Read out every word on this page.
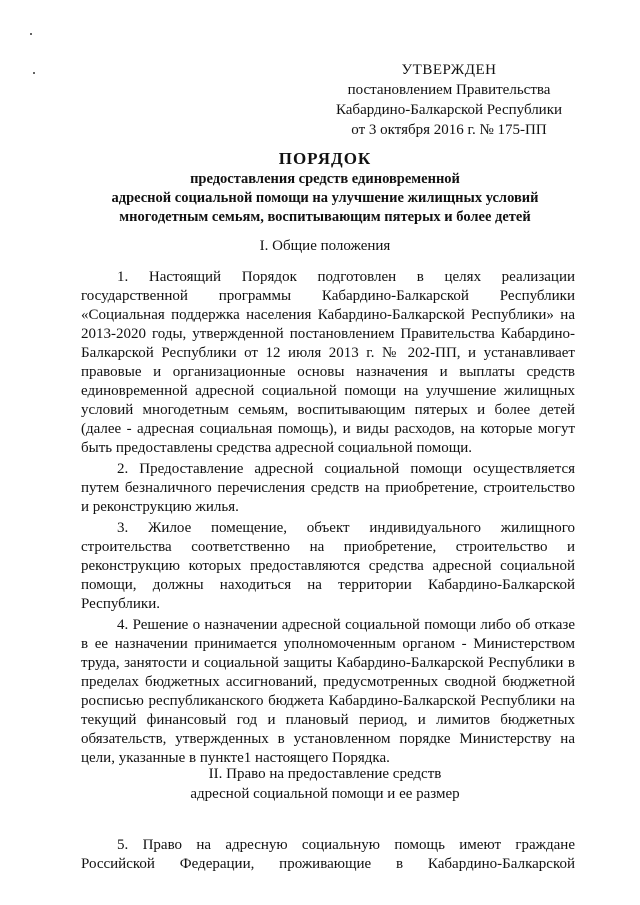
УТВЕРЖДЕН
постановлением Правительства
Кабардино-Балкарской Республики
от 3 октября 2016 г. № 175-ПП
ПОРЯДОК
предоставления средств единовременной
адресной социальной помощи на улучшение жилищных условий
многодетным семьям, воспитывающим пятерых и более детей
I. Общие положения

1. Настоящий Порядок подготовлен в целях реализации государственной программы Кабардино-Балкарской Республики «Социальная поддержка населения Кабардино-Балкарской Республики» на 2013-2020 годы, утвержденной постановлением Правительства Кабардино-Балкарской Республики от 12 июля 2013 г. № 202-ПП, и устанавливает правовые и организационные основы назначения и выплаты средств единовременной адресной социальной помощи на улучшение жилищных условий многодетным семьям, воспитывающим пятерых и более детей (далее - адресная социальная помощь), и виды расходов, на которые могут быть предоставлены средства адресной социальной помощи.

2. Предоставление адресной социальной помощи осуществляется путем безналичного перечисления средств на приобретение, строительство и реконструкцию жилья.

3. Жилое помещение, объект индивидуального жилищного строительства соответственно на приобретение, строительство и реконструкцию которых предоставляются средства адресной социальной помощи, должны находиться на территории Кабардино-Балкарской Республики.

4. Решение о назначении адресной социальной помощи либо об отказе в ее назначении принимается уполномоченным органом - Министерством труда, занятости и социальной защиты Кабардино-Балкарской Республики в пределах бюджетных ассигнований, предусмотренных сводной бюджетной росписью республиканского бюджета Кабардино-Балкарской Республики на текущий финансовый год и плановый период, и лимитов бюджетных обязательств, утвержденных в установленном порядке Министерству на цели, указанные в пункте1 настоящего Порядка.

II. Право на предоставление средств
адресной социальной помощи и ее размер

5. Право на адресную социальную помощь имеют граждане Российской Федерации, проживающие в Кабардино-Балкарской
